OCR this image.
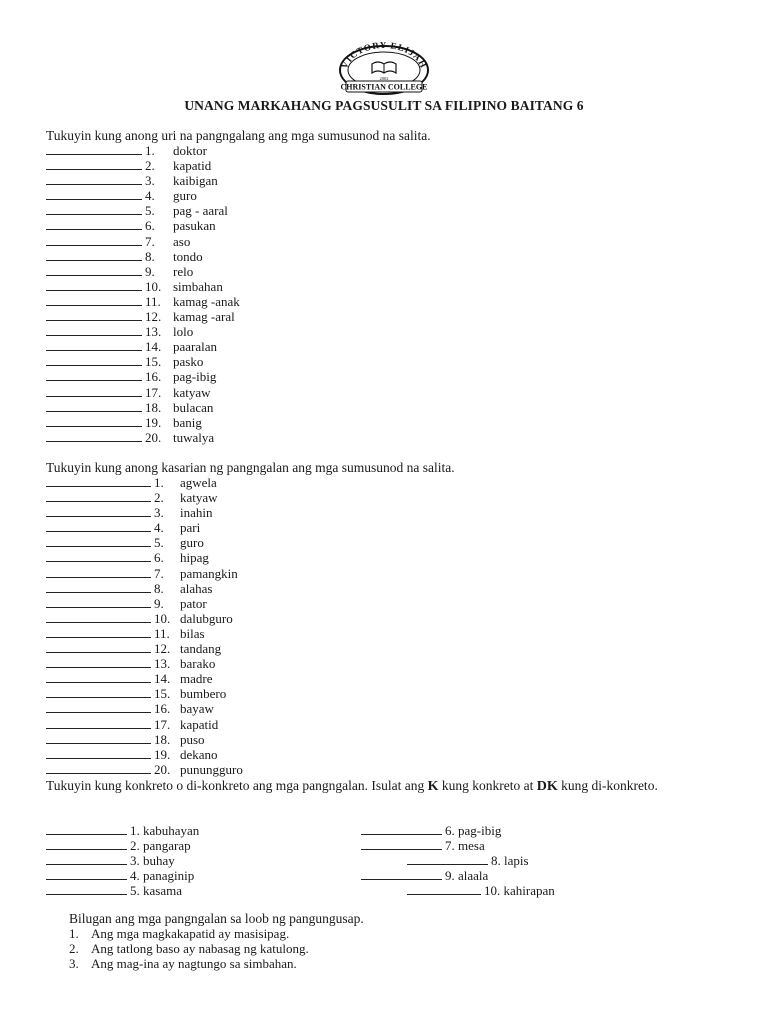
VICTORY ELIJAH
2002
CHRISTIAN COLLEGE
UNANG MARKAHANG PAGSUSULIT SA FILIPINO BAITANG 6
Tukuyin kung anong uri na pangngalang ang mga sumusunod na salita.
1.	doktor
2.	kapatid
3.	kaibigan
4.	guro
5.	pag - aaral
6.	pasukan
7.	aso
8.	tondo
9.	relo
10. simbahan
11. kamag -anak
12. kamag -aral
13. lolo
14. paaralan
15. pasko
16. pag-ibig
17. katyaw
18. bulacan
19. banig
20. tuwalya
Tukuyin kung anong kasarian ng pangngalan ang mga sumusunod na salita.
1.	agwela
2.	katyaw
3.	inahin
4.	pari
5.	guro
6.	hipag
7.	pamangkin
8.	alahas
9.	pator
10. dalubguro
11. bilas
12. tandang
13. barako
14. madre
15. bumbero
16. bayaw
17. kapatid
18. puso
19. dekano
20. punungguro
Tukuyin kung konkreto o di-konkreto ang mga pangngalan. Isulat ang K kung konkreto at DK kung di-konkreto.
1. kabuhayan
2. pangarap
3. buhay
4. panaginip
5. kasama
6. pag-ibig
7. mesa
8. lapis
9. alaala
10. kahirapan
Bilugan ang mga pangngalan sa loob ng pangungusap.
1. Ang mga magkakapatid ay masisipag.
2. Ang tatlong baso ay nabasag ng katulong.
3. Ang mag-ina ay nagtungo sa simbahan.
